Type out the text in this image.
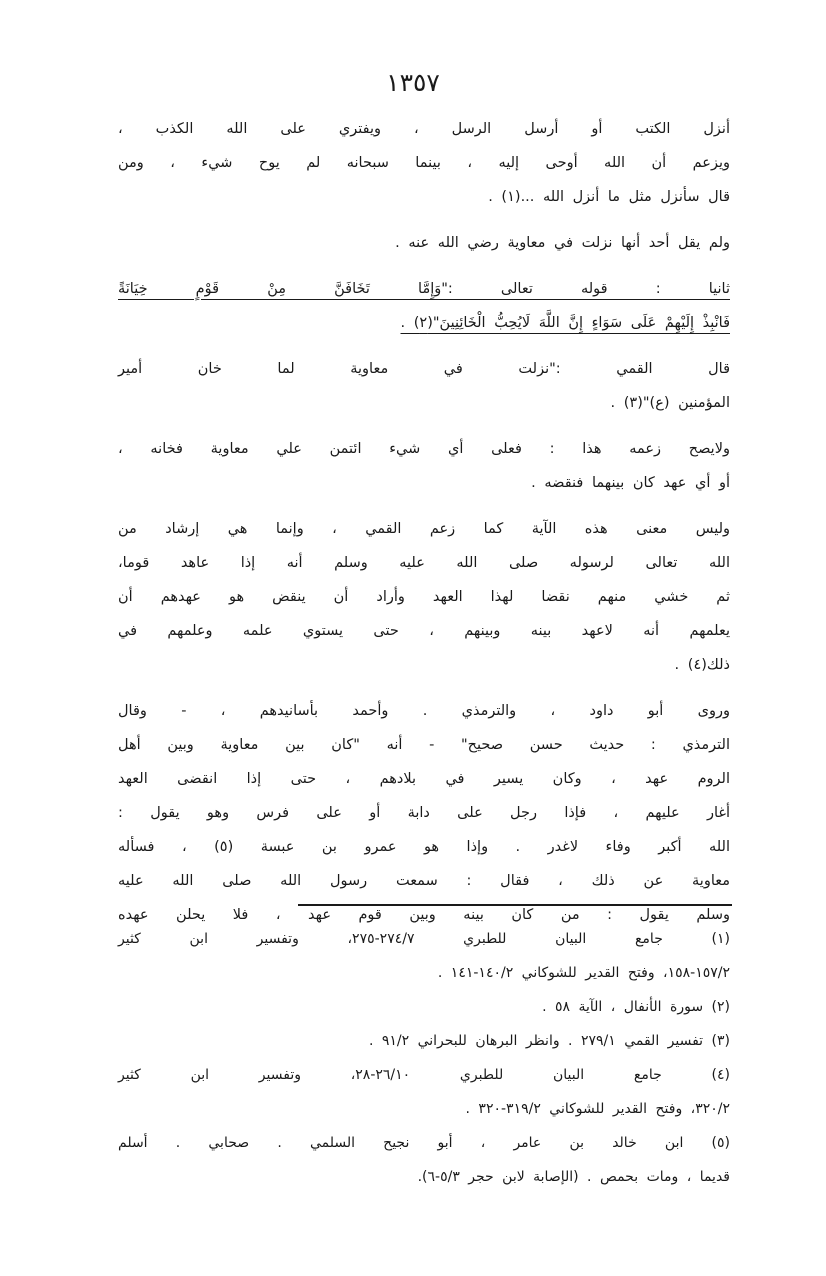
١٣٥٧
أنزل الكتب أو أرسل الرسل ، ويفتري على الله الكذب ،
ويزعم أن الله أوحى إليه ، بينما سبحانه لم يوح شيء ، ومن
قال سأنزل مثل ما أنزل الله ...(١) .
ولم يقل أحد أنها نزلت في معاوية رضي الله عنه .
ثانيا : قوله تعالى :"وَإِمَّا تَخَافَنَّ مِنْ قَوْمٍ خِيَانَةً
فَانْبِذْ إِلَيْهِمْ عَلَى سَوَاءٍ إِنَّ اللَّهَ لَايُحِبُّ الْخَائِنِينَ"(٢) .
قال القمي :"نزلت في معاوية لما خان أمير
المؤمنين (ع)"(٣) .
ولايصح زعمه هذا : فعلى أي شيء ائتمن علي معاوية فخانه ،
أو أي عهد كان بينهما فنقضه .
وليس معنى هذه الآية كما زعم القمي ، وإنما هي إرشاد من
الله تعالى لرسوله صلى الله عليه وسلم أنه إذا عاهد قوما،
ثم خشي منهم نقضا لهذا العهد وأراد أن ينقض هو عهدهم أن
يعلمهم أنه لاعهد بينه وبينهم ، حتى يستوي علمه وعلمهم في
ذلك(٤) .
وروى أبو داود ، والترمذي . وأحمد بأسانيدهم ، - وقال
الترمذي : حديث حسن صحيح" - أنه "كان بين معاوية وبين أهل
الروم عهد ، وكان يسير في بلادهم ، حتى إذا انقضى العهد
أغار عليهم ، فإذا رجل على دابة أو على فرس وهو يقول :
الله أكبر وفاء لاغدر . وإذا هو عمرو بن عبسة (٥) ، فسأله
معاوية عن ذلك ، فقال : سمعت رسول الله صلى الله عليه
وسلم يقول : من كان بينه وبين قوم عهد ، فلا يحلن عهده
(١) جامع البيان للطبري ٢٧٤/٧-٢٧٥، وتفسير ابن كثير
١٥٧/٢-١٥٨، وفتح القدير للشوكاني ١٤٠/٢-١٤١ .
(٢) سورة الأنفال ، الآية ٥٨ .
(٣) تفسير القمي ٢٧٩/١ . وانظر البرهان للبحراني ٩١/٢ .
(٤) جامع البيان للطبري ٢٦/١٠-٢٨، وتفسير ابن كثير
٣٢٠/٢، وفتح القدير للشوكاني ٣١٩/٢-٣٢٠ .
(٥) ابن خالد بن عامر ، أبو نجيح السلمي . صحابي . أسلم
قديما ، ومات بحمص . (الإصابة لابن حجر ٥/٣-٦).
